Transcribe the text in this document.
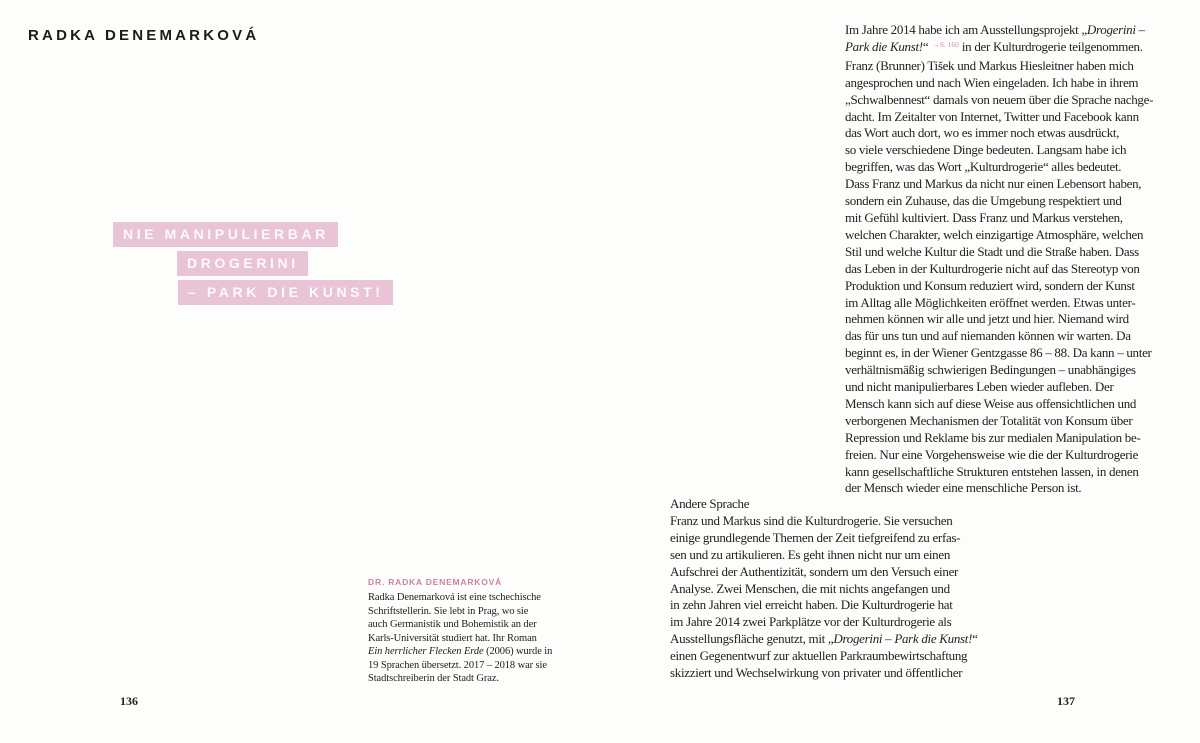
RADKA DENEMARKOVÁ
NIE MANIPULIERBAR
DROGERINI
– PARK DIE KUNST!
DR. RADKA DENEMARKOVÁ
Radka Denemarková ist eine tschechische
Schriftstellerin. Sie lebt in Prag, wo sie
auch Germanistik und Bohemistik an der
Karls-Universität studiert hat. Ihr Roman
Ein herrlicher Flecken Erde (2006) wurde in
19 Sprachen übersetzt. 2017 – 2018 war sie
Stadtschreiberin der Stadt Graz.
136
Im Jahre 2014 habe ich am Ausstellungsprojekt „Drogerini –
Park die Kunst!“ $^{\to S. 160}$ in der Kulturdrogerie teilgenommen.
Franz (Brunner) Tišek und Markus Hiesleitner haben mich
angesprochen und nach Wien eingeladen. Ich habe in ihrem
„Schwalbennest“ damals von neuem über die Sprache nachge-
dacht. Im Zeitalter von Internet, Twitter und Facebook kann
das Wort auch dort, wo es immer noch etwas ausdrückt,
so viele verschiedene Dinge bedeuten. Langsam habe ich
begriffen, was das Wort „Kulturdrogerie“ alles bedeutet.
Dass Franz und Markus da nicht nur einen Lebensort haben,
sondern ein Zuhause, das die Umgebung respektiert und
mit Gefühl kultiviert. Dass Franz und Markus verstehen,
welchen Charakter, welch einzigartige Atmosphäre, welchen
Stil und welche Kultur die Stadt und die Straße haben. Dass
das Leben in der Kulturdrogerie nicht auf das Stereotyp von
Produktion und Konsum reduziert wird, sondern der Kunst
im Alltag alle Möglichkeiten eröffnet werden. Etwas unter-
nehmen können wir alle und jetzt und hier. Niemand wird
das für uns tun und auf niemanden können wir warten. Da
beginnt es, in der Wiener Gentzgasse 86 – 88. Da kann – unter
verhältnismäßig schwierigen Bedingungen – unabhängiges
und nicht manipulierbares Leben wieder aufleben. Der
Mensch kann sich auf diese Weise aus offensichtlichen und
verborgenen Mechanismen der Totalität von Konsum über
Repression und Reklame bis zur medialen Manipulation be-
freien. Nur eine Vorgehensweise wie die der Kulturdrogerie
kann gesellschaftliche Strukturen entstehen lassen, in denen
der Mensch wieder eine menschliche Person ist.
Andere Sprache
Franz und Markus sind die Kulturdrogerie. Sie versuchen
einige grundlegende Themen der Zeit tiefgreifend zu erfas-
sen und zu artikulieren. Es geht ihnen nicht nur um einen
Aufschrei der Authentizität, sondern um den Versuch einer
Analyse. Zwei Menschen, die mit nichts angefangen und
in zehn Jahren viel erreicht haben. Die Kulturdrogerie hat
im Jahre 2014 zwei Parkplätze vor der Kulturdrogerie als
Ausstellungsfläche genutzt, mit „Drogerini – Park die Kunst!“
einen Gegenentwurf zur aktuellen Parkraumbewirtschaftung
skizziert und Wechselwirkung von privater und öffentlicher
137
